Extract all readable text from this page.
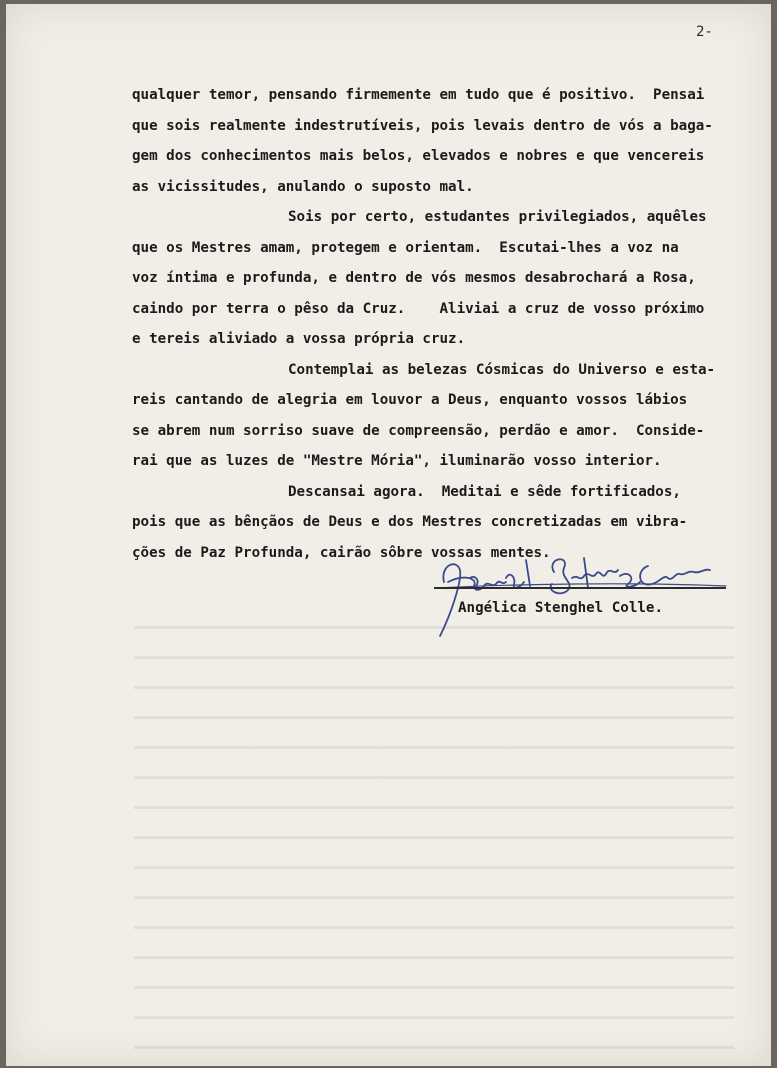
2-
qualquer temor, pensando firmemente em tudo que é positivo.  Pensai
que sois realmente indestrutíveis, pois levais dentro de vós a baga-
gem dos conhecimentos mais belos, elevados e nobres e que vencereis
as vicissitudes, anulando o suposto mal.
Sois por certo, estudantes privilegiados, aquêles
que os Mestres amam, protegem e orientam.  Escutai-lhes a voz na
voz íntima e profunda, e dentro de vós mesmos desabrochará a Rosa,
caindo por terra o pêso da Cruz.    Aliviai a cruz de vosso próximo
e tereis aliviado a vossa própria cruz.
Contemplai as belezas Cósmicas do Universo e esta-
reis cantando de alegria em louvor a Deus, enquanto vossos lábios
se abrem num sorriso suave de compreensão, perdão e amor.  Conside-
rai que as luzes de "Mestre Mória", iluminarão vosso interior.
Descansai agora.  Meditai e sêde fortificados,
pois que as bênçãos de Deus e dos Mestres concretizadas em vibra-
ções de Paz Profunda, cairão sôbre vossas mentes.
Angélica Stenghel Colle.
